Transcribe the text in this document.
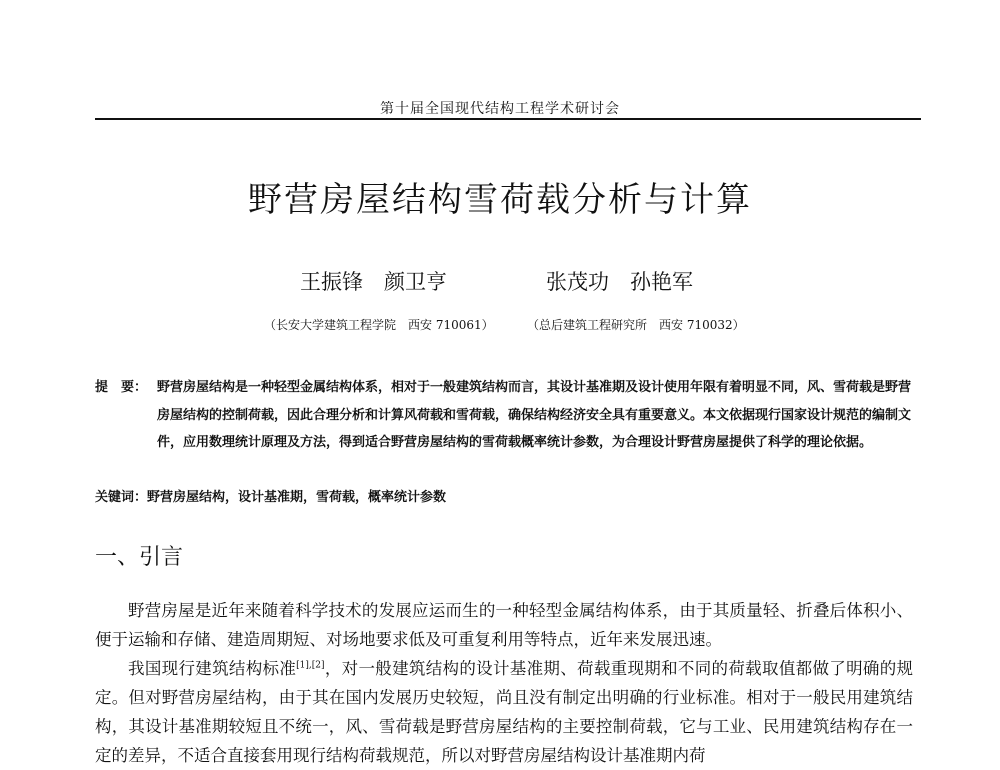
第十届全国现代结构工程学术研讨会
野营房屋结构雪荷载分析与计算
王振锋　颜卫亨	张茂功　孙艳军
（长安大学建筑工程学院　西安 710061）	（总后建筑工程研究所　西安 710032）
提　要： 野营房屋结构是一种轻型金属结构体系，相对于一般建筑结构而言，其设计基准期及设计使用年限有着明显不同，风、雪荷载是野营房屋结构的控制荷载，因此合理分析和计算风荷载和雪荷载，确保结构经济安全具有重要意义。本文依据现行国家设计规范的编制文件，应用数理统计原理及方法，得到适合野营房屋结构的雪荷载概率统计参数，为合理设计野营房屋提供了科学的理论依据。
关键词：野营房屋结构，设计基准期，雪荷载，概率统计参数
一、引言
野营房屋是近年来随着科学技术的发展应运而生的一种轻型金属结构体系，由于其质量轻、折叠后体积小、便于运输和存储、建造周期短、对场地要求低及可重复利用等特点，近年来发展迅速。
我国现行建筑结构标准[1],[2]，对一般建筑结构的设计基准期、荷载重现期和不同的荷载取值都做了明确的规定。但对野营房屋结构，由于其在国内发展历史较短，尚且没有制定出明确的行业标准。相对于一般民用建筑结构，其设计基准期较短且不统一，风、雪荷载是野营房屋结构的主要控制荷载，它与工业、民用建筑结构存在一定的差异，不适合直接套用现行结构荷载规范，所以对野营房屋结构设计基准期内荷
